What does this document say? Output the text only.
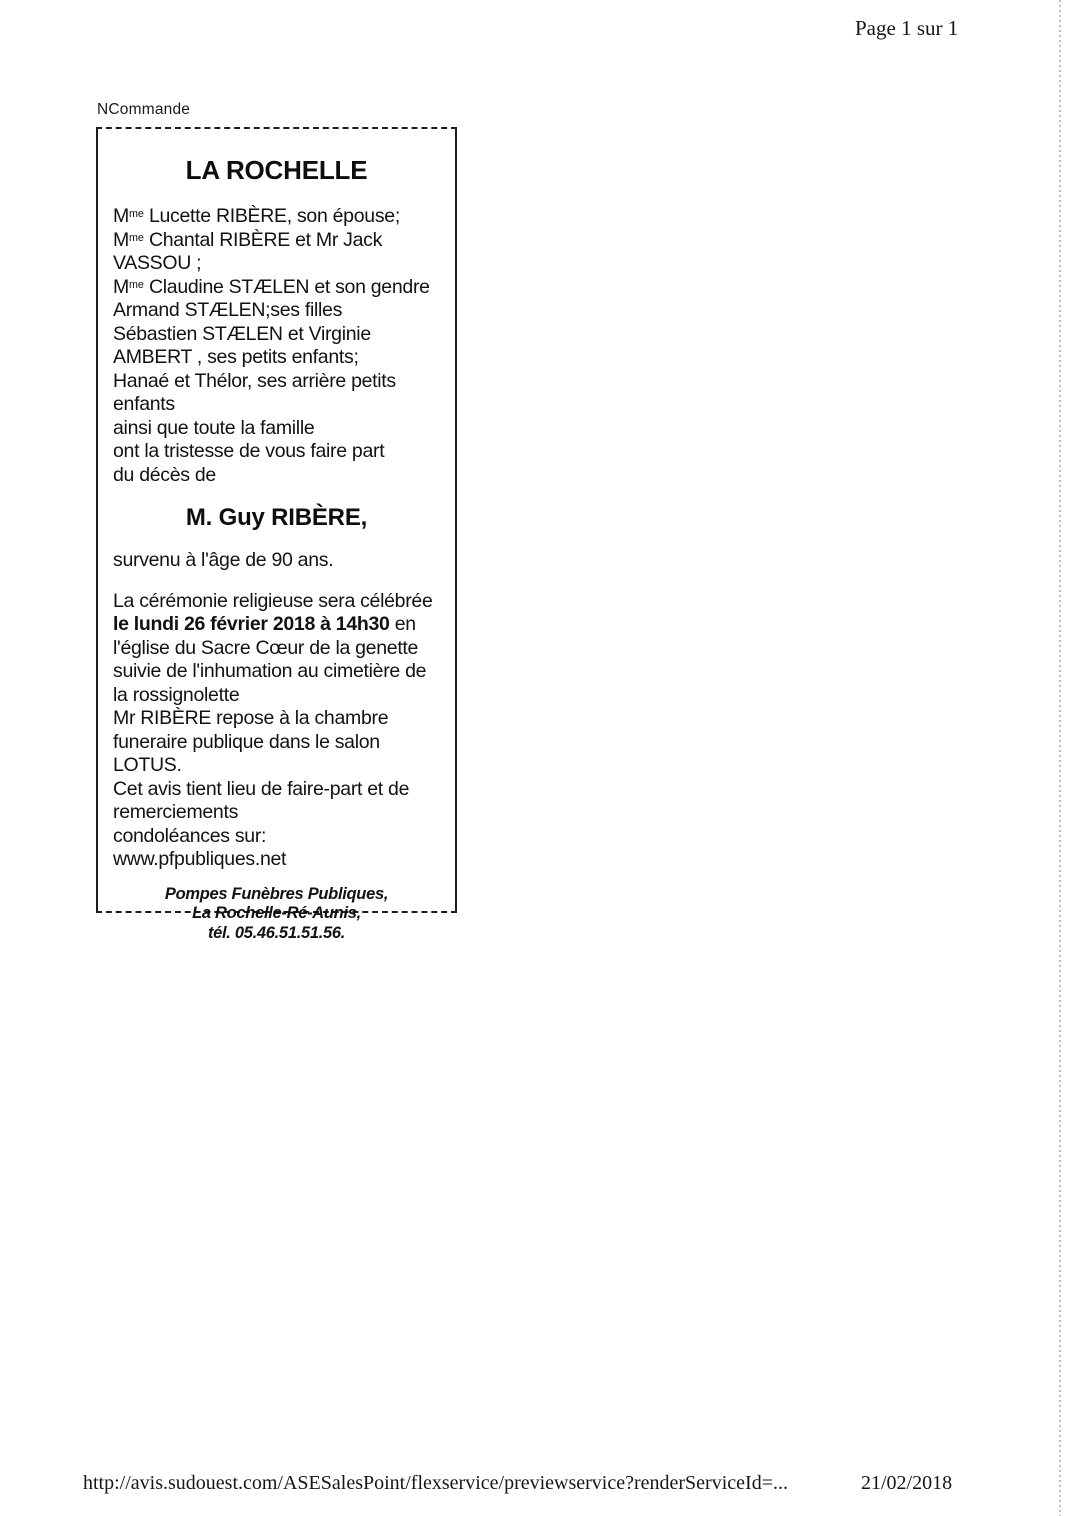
Page 1 sur 1
NCommande
LA ROCHELLE
$M^{me}$ Lucette RIBÈRE, son épouse;
$M^{me}$ Chantal RIBÈRE et Mr Jack
VASSOU ;
$M^{me}$ Claudine STÆLEN et son gendre
Armand STÆLEN;ses filles
Sébastien STÆLEN et Virginie
AMBERT , ses petits enfants;
Hanaé et Thélor, ses arrière petits
enfants
ainsi que toute la famille
ont la tristesse de vous faire part
du décès de
M. Guy RIBÈRE,

survenu à l'âge de 90 ans.

La cérémonie religieuse sera célébrée
le lundi 26 février 2018 à 14h30 en
l'église du Sacre Cœur de la genette
suivie de l'inhumation au cimetière de
la rossignolette
Mr RIBÈRE repose à la chambre
funeraire publique dans le salon
LOTUS.
Cet avis tient lieu de faire-part et de
remerciements
condoléances sur:
www.pfpubliques.net
Pompes Funèbres Publiques,
La Rochelle-Ré-Aunis,
tél. 05.46.51.51.56.
http://avis.sudouest.com/ASESalesPoint/flexservice/previewservice?renderServiceId=...	21/02/2018
